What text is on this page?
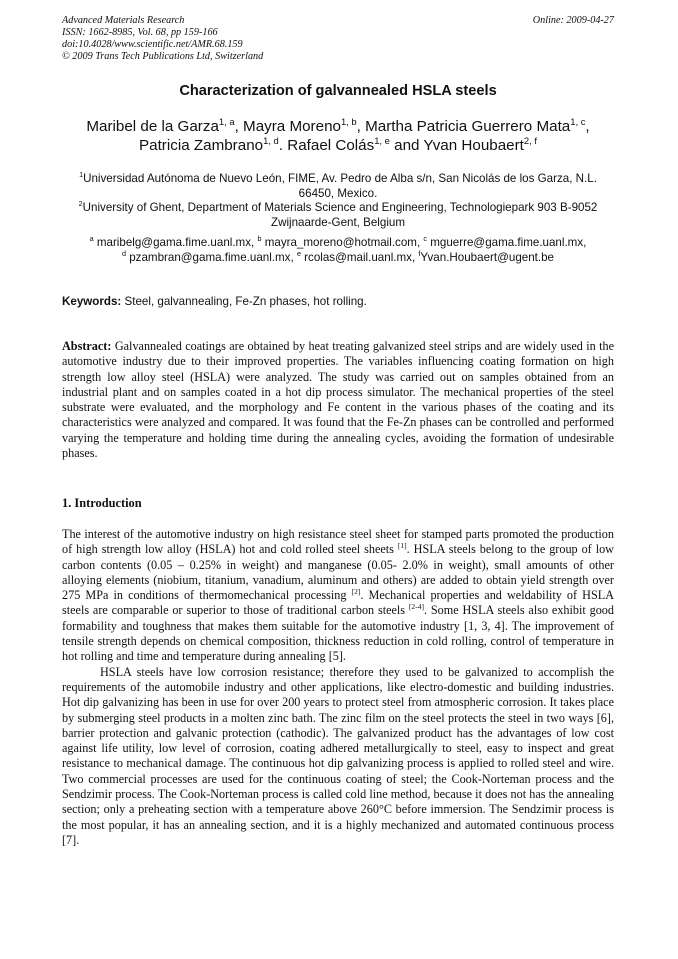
Advanced Materials Research
ISSN: 1662-8985, Vol. 68, pp 159-166
doi:10.4028/www.scientific.net/AMR.68.159
© 2009 Trans Tech Publications Ltd, Switzerland
Online: 2009-04-27
Characterization of galvannealed HSLA steels
Maribel de la Garza$^{1, a}$, Mayra Moreno$^{1, b}$, Martha Patricia Guerrero Mata$^{1, c}$,
Patricia Zambrano$^{1, d}$. Rafael Colás$^{1, e}$ and Yvan Houbaert$^{2, f}$
$^1$Universidad Autónoma de Nuevo León, FIME, Av. Pedro de Alba s/n, San Nicolás de los Garza, N.L. 66450, Mexico.
$^2$University of Ghent, Department of Materials Science and Engineering, Technologiepark 903 B-9052 Zwijnaarde-Gent, Belgium
$^a$ maribelg@gama.fime.uanl.mx, $^b$ mayra_moreno@hotmail.com, $^c$ mguerre@gama.fime.uanl.mx,
$^d$ pzambran@gama.fime.uanl.mx, $^e$ rcolas@mail.uanl.mx, $^f$Yvan.Houbaert@ugent.be
Keywords: Steel, galvannealing, Fe-Zn phases, hot rolling.
Abstract: Galvannealed coatings are obtained by heat treating galvanized steel strips and are widely used in the automotive industry due to their improved properties. The variables influencing coating formation on high strength low alloy steel (HSLA) were analyzed. The study was carried out on samples obtained from an industrial plant and on samples coated in a hot dip process simulator. The mechanical properties of the steel substrate were evaluated, and the morphology and Fe content in the various phases of the coating and its characteristics were analyzed and compared. It was found that the Fe-Zn phases can be controlled and performed varying the temperature and holding time during the annealing cycles, avoiding the formation of undesirable phases.
1. Introduction

The interest of the automotive industry on high resistance steel sheet for stamped parts promoted the production of high strength low alloy (HSLA) hot and cold rolled steel sheets [1]. HSLA steels belong to the group of low carbon contents (0.05 – 0.25% in weight) and manganese (0.05- 2.0% in weight), small amounts of other alloying elements (niobium, titanium, vanadium, aluminum and others) are added to obtain yield strength over 275 MPa in conditions of thermomechanical processing [2]. Mechanical properties and weldability of HSLA steels are comparable or superior to those of traditional carbon steels [2-4]. Some HSLA steels also exhibit good formability and toughness that makes them suitable for the automotive industry [1, 3, 4]. The improvement of tensile strength depends on chemical composition, thickness reduction in cold rolling, control of temperature in hot rolling and time and temperature during annealing [5].

HSLA steels have low corrosion resistance; therefore they used to be galvanized to accomplish the requirements of the automobile industry and other applications, like electro-domestic and building industries. Hot dip galvanizing has been in use for over 200 years to protect steel from atmospheric corrosion. It takes place by submerging steel products in a molten zinc bath. The zinc film on the steel protects the steel in two ways [6], barrier protection and galvanic protection (cathodic). The galvanized product has the advantages of low cost against life utility, low level of corrosion, coating adhered metallurgically to steel, easy to inspect and great resistance to mechanical damage. The continuous hot dip galvanizing process is applied to rolled steel and wire. Two commercial processes are used for the continuous coating of steel; the Cook-Norteman process and the Sendzimir process. The Cook-Norteman process is called cold line method, because it does not has the annealing section; only a preheating section with a temperature above 260°C before immersion. The Sendzimir process is the most popular, it has an annealing section, and it is a highly mechanized and automated continuous process [7].
